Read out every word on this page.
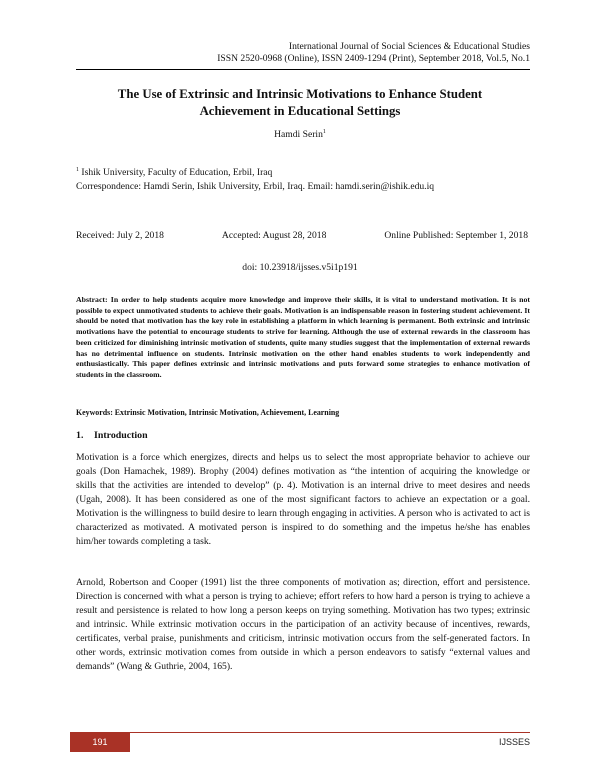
International Journal of Social Sciences & Educational Studies
ISSN 2520-0968 (Online), ISSN 2409-1294 (Print), September 2018, Vol.5, No.1
The Use of Extrinsic and Intrinsic Motivations to Enhance Student
Achievement in Educational Settings
Hamdi Serin$^1$
$^1$ Ishik University, Faculty of Education, Erbil, Iraq
Correspondence: Hamdi Serin, Ishik University, Erbil, Iraq. Email: hamdi.serin@ishik.edu.iq
Received: July 2, 2018	Accepted: August 28, 2018	Online Published: September 1, 2018
doi: 10.23918/ijsses.v5i1p191
Abstract: In order to help students acquire more knowledge and improve their skills, it is vital to understand motivation. It is not possible to expect unmotivated students to achieve their goals. Motivation is an indispensable reason in fostering student achievement. It should be noted that motivation has the key role in establishing a platform in which learning is permanent. Both extrinsic and intrinsic motivations have the potential to encourage students to strive for learning. Although the use of external rewards in the classroom has been criticized for diminishing intrinsic motivation of students, quite many studies suggest that the implementation of external rewards has no detrimental influence on students. Intrinsic motivation on the other hand enables students to work independently and enthusiastically. This paper defines extrinsic and intrinsic motivations and puts forward some strategies to enhance motivation of students in the classroom.
Keywords: Extrinsic Motivation, Intrinsic Motivation, Achievement, Learning
1. Introduction

Motivation is a force which energizes, directs and helps us to select the most appropriate behavior to achieve our goals (Don Hamachek, 1989). Brophy (2004) defines motivation as “the intention of acquiring the knowledge or skills that the activities are intended to develop” (p. 4). Motivation is an internal drive to meet desires and needs (Ugah, 2008). It has been considered as one of the most significant factors to achieve an expectation or a goal. Motivation is the willingness to build desire to learn through engaging in activities. A person who is activated to act is characterized as motivated. A motivated person is inspired to do something and the impetus he/she has enables him/her towards completing a task.

Arnold, Robertson and Cooper (1991) list the three components of motivation as; direction, effort and persistence. Direction is concerned with what a person is trying to achieve; effort refers to how hard a person is trying to achieve a result and persistence is related to how long a person keeps on trying something. Motivation has two types; extrinsic and intrinsic. While extrinsic motivation occurs in the participation of an activity because of incentives, rewards, certificates, verbal praise, punishments and criticism, intrinsic motivation occurs from the self-generated factors. In other words, extrinsic motivation comes from outside in which a person endeavors to satisfy “external values and demands” (Wang & Guthrie, 2004, 165).

191	IJSSES
